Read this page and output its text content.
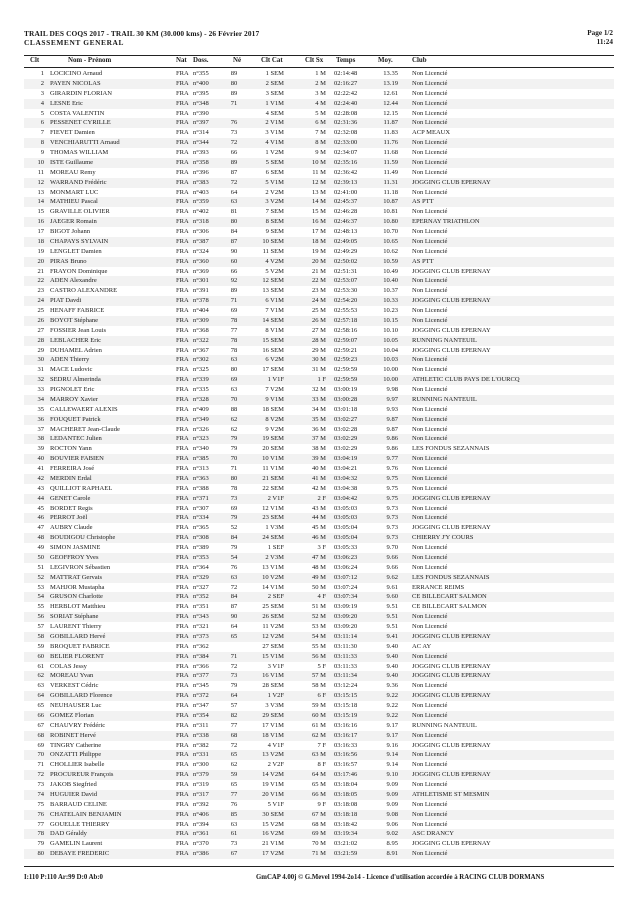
TRAIL DES COQS 2017 - TRAIL 30 KM (30.000 kms) - 26 Février 2017
CLASSEMENT GENERAL
Page 1/2
11:24
Clt	Nom - Prénom	Nat Doss.	Né	Clt Cat	Clt Sx Temps	Moy.	Club
1 LOCICINO Arnaud	FRA n°355	89	1 SEM	1 M 02:14:48	13.35 Non Licencié
2 PAYEN NICOLAS	FRA n°400	80	2 SEM	2 M 02:16:27	13.19 Non Licencié
3 GIRARDIN FLORIAN	FRA n°395	89	3 SEM	3 M 02:22:42	12.61 Non Licencié
4 LESNE Eric	FRA n°348	71	1 V1M	4 M 02:24:40	12.44 Non Licencié
5 COSTA VALENTIN	FRA n°390	4 SEM	5 M 02:28:08	12.15 Non Licencié
6 PESSENET CYRILLE	FRA n°397	76	2 V1M	6 M 02:31:36	11.87 Non Licencié
7 FIEVET Damien	FRA n°314	73	3 V1M	7 M 02:32:08	11.83 ACP MEAUX
8 VENCHIARUTTI Arnaud	FRA n°344	72	4 V1M	8 M 02:33:00	11.76 Non Licencié
9 THOMAS WILLIAM	FRA n°393	66	1 V2M	9 M 02:34:07	11.68 Non Licencié
10 ISTE Guillaume	FRA n°358	89	5 SEM	10 M 02:35:16	11.59 Non Licencié
11 MOREAU Remy	FRA n°396	87	6 SEM	11 M 02:36:42	11.49 Non Licencié
12 WARRAND Frédéric	FRA n°383	72	5 V1M	12 M 02:39:13	11.31 JOGGING CLUB EPERNAY
13 MONMART LUC	FRA n°403	64	2 V2M	13 M 02:41:00	11.18 Non Licencié
14 MATHIEU Pascal	FRA n°359	63	3 V2M	14 M 02:45:37	10.87 AS PTT
15 GRAVILLE OLIVIER	FRA n°402	81	7 SEM	15 M 02:46:28	10.81 Non Licencié
16 JAEGER Romain	FRA n°318	80	8 SEM	16 M 02:46:37	10.80 EPERNAY TRIATHLON
17 BIGOT Johann	FRA n°306	84	9 SEM	17 M 02:48:13	10.70 Non Licencié
18 CHAPAYS SYLVAIN	FRA n°387	87	10 SEM	18 M 02:49:05	10.65 Non Licencié
19 LENGLET Damien	FRA n°324	90	11 SEM	19 M 02:49:29	10.62 Non Licencié
20 PIRAS Bruno	FRA n°360	60	4 V2M	20 M 02:50:02	10.59 AS PTT
21 FRAYON Dominique	FRA n°369	66	5 V2M	21 M 02:51:31	10.49 JOGGING CLUB EPERNAY
22 ADEN Alexandre	FRA n°301	92	12 SEM	22 M 02:53:07	10.40 Non Licencié
23 CASTRO ALEXANDRE	FRA n°391	89	13 SEM	23 M 02:53:30	10.37 Non Licencié
24 PIAT Davdi	FRA n°378	71	6 V1M	24 M 02:54:20	10.33 JOGGING CLUB EPERNAY
25 HENAFF FABRICE	FRA n°404	69	7 V1M	25 M 02:55:53	10.23 Non Licencié
26 BOYOT Stéphane	FRA n°309	78	14 SEM	26 M 02:57:18	10.15 Non Licencié
27 FOSSIER Jean Louis	FRA n°368	77	8 V1M	27 M 02:58:16	10.10 JOGGING CLUB EPERNAY
28 LEBLACHER Eric	FRA n°322	78	15 SEM	28 M 02:59:07	10.05 RUNNING NANTEUIL
29 DUHAMEL Adrien	FRA n°367	78	16 SEM	29 M 02:59:21	10.04 JOGGING CLUB EPERNAY
30 ADEN Thierry	FRA n°302	63	6 V2M	30 M 02:59:23	10.03 Non Licencié
31 MACE Ludovic	FRA n°325	80	17 SEM	31 M 02:59:59	10.00 Non Licencié
32 SEDRU Almerinda	FRA n°339	69	1 V1F	1 F 02:59:59	10.00 ATHLETIC CLUB PAYS DE L'OURCQ
33 PIGNOLET Eric	FRA n°335	63	7 V2M	32 M 03:00:19	9.98 Non Licencié
34 MARROY Xavier	FRA n°328	70	9 V1M	33 M 03:00:28	9.97 RUNNING NANTEUIL
35 CALLEWAERT ALEXIS	FRA n°409	88	18 SEM	34 M 03:01:18	9.93 Non Licencié
36 FOUQUET Patrick	FRA n°349	62	8 V2M	35 M 03:02:27	9.87 Non Licencié
37 MACHERET Jean-Claude	FRA n°326	62	9 V2M	36 M 03:02:28	9.87 Non Licencié
38 LEDANTEC Julien	FRA n°323	79	19 SEM	37 M 03:02:29	9.86 Non Licencié
39 ROCTON Yann	FRA n°340	79	20 SEM	38 M 03:02:29	9.86 LES FONDUS SEZANNAIS
40 BOUVIER FABIEN	FRA n°385	70	10 V1M	39 M 03:04:19	9.77 Non Licencié
41 FERREIRA José	FRA n°313	71	11 V1M	40 M 03:04:21	9.76 Non Licencié
42 MERDIN Erdal	FRA n°363	80	21 SEM	41 M 03:04:32	9.75 Non Licencié
43 QUILLIOT RAPHAEL	FRA n°388	78	22 SEM	42 M 03:04:38	9.75 Non Licencié
44 GENET Carole	FRA n°371	73	2 V1F	2 F 03:04:42	9.75 JOGGING CLUB EPERNAY
45 BORDET Regis	FRA n°307	69	12 V1M	43 M 03:05:03	9.73 Non Licencié
46 PERROT Joël	FRA n°334	79	23 SEM	44 M 03:05:03	9.73 Non Licencié
47 AUBRY Claude	FRA n°365	52	1 V3M	45 M 03:05:04	9.73 JOGGING CLUB EPERNAY
48 BOUDIGOU Christophe	FRA n°308	84	24 SEM	46 M 03:05:04	9.73 CHIERRY J'Y COURS
49 SIMON JASMINE	FRA n°389	79	1 SEF	3 F 03:05:33	9.70 Non Licencié
50 GEOFFROY Yves	FRA n°353	54	2 V3M	47 M 03:06:23	9.66 Non Licencié
51 LEGIVRON Sébastien	FRA n°364	76	13 V1M	48 M 03:06:24	9.66 Non Licencié
52 MATTRAT Gervais	FRA n°329	63	10 V2M	49 M 03:07:12	9.62 LES FONDUS SEZANNAIS
53 MAHJOR Mustapha	FRA n°327	72	14 V1M	50 M 03:07:24	9.61 ERRANCE REIMS
54 GRUSON Charlotte	FRA n°352	84	2 SEF	4 F 03:07:34	9.60 CE BILLECART SALMON
55 HERBLOT Matthieu	FRA n°351	87	25 SEM	51 M 03:09:19	9.51 CE BILLECART SALMON
56 SORIAT Stéphane	FRA n°343	90	26 SEM	52 M 03:09:20	9.51 Non Licencié
57 LAURENT Thierry	FRA n°321	64	11 V2M	53 M 03:09:20	9.51 Non Licencié
58 GOBILLARD Hervé	FRA n°373	65	12 V2M	54 M 03:11:14	9.41 JOGGING CLUB EPERNAY
59 BROQUET FABRICE	FRA n°362	27 SEM	55 M 03:11:30	9.40 AC AY
60 BELIER FLORENT	FRA n°384	71	15 V1M	56 M 03:11:33	9.40 Non Licencié
61 COLAS Jessy	FRA n°366	72	3 V1F	5 F 03:11:33	9.40 JOGGING CLUB EPERNAY
62 MOREAU Yvan	FRA n°377	73	16 V1M	57 M 03:11:34	9.40 JOGGING CLUB EPERNAY
63 VERKEST Cédric	FRA n°345	79	28 SEM	58 M 03:12:24	9.36 Non Licencié
64 GOBILLARD Florence	FRA n°372	64	1 V2F	6 F 03:15:15	9.22 JOGGING CLUB EPERNAY
65 NEUHAUSER Luc	FRA n°347	57	3 V3M	59 M 03:15:18	9.22 Non Licencié
66 GOMEZ Florian	FRA n°354	82	29 SEM	60 M 03:15:19	9.22 Non Licencié
67 CHAUVRY Frédéric	FRA n°311	77	17 V1M	61 M 03:16:16	9.17 RUNNING NANTEUIL
68 ROBINET Hervé	FRA n°338	68	18 V1M	62 M 03:16:17	9.17 Non Licencié
69 TINGRY Catherine	FRA n°382	72	4 V1F	7 F 03:16:33	9.16 JOGGING CLUB EPERNAY
70 ONZATTI Philippe	FRA n°331	65	13 V2M	63 M 03:16:56	9.14 Non Licencié
71 CHOLLIER Isabelle	FRA n°300	62	2 V2F	8 F 03:16:57	9.14 Non Licencié
72 PROCUREUR François	FRA n°379	59	14 V2M	64 M 03:17:46	9.10 JOGGING CLUB EPERNAY
73 JAKOB Siegfried	FRA n°319	65	19 V1M	65 M 03:18:04	9.09 Non Licencié
74 HUGUIER David	FRA n°317	77	20 V1M	66 M 03:18:05	9.09 ATHLETISME ST MESMIN
75 BARRAUD CELINE	FRA n°392	76	5 V1F	9 F 03:18:08	9.09 Non Licencié
76 CHATELAIN BENJAMIN	FRA n°406	85	30 SEM	67 M 03:18:18	9.08 Non Licencié
77 GOUELLE THIERRY	FRA n°394	63	15 V2M	68 M 03:18:42	9.06 Non Licencié
78 DAD Géraldy	FRA n°361	61	16 V2M	69 M 03:19:34	9.02 ASC DRANCY
79 GAMELIN Laurent	FRA n°370	73	21 V1M	70 M 03:21:02	8.95 JOGGING CLUB EPERNAY
80 DEBAYE FREDERIC	FRA n°386	67	17 V2M	71 M 03:21:59	8.91 Non Licencié
I:110 P:110 Ar:99 D:0 Ab:0	GmCAP 4.00j © G.Mevel 1994-2o14 - Licence d'utilisation accordée à RACING CLUB DORMANS
